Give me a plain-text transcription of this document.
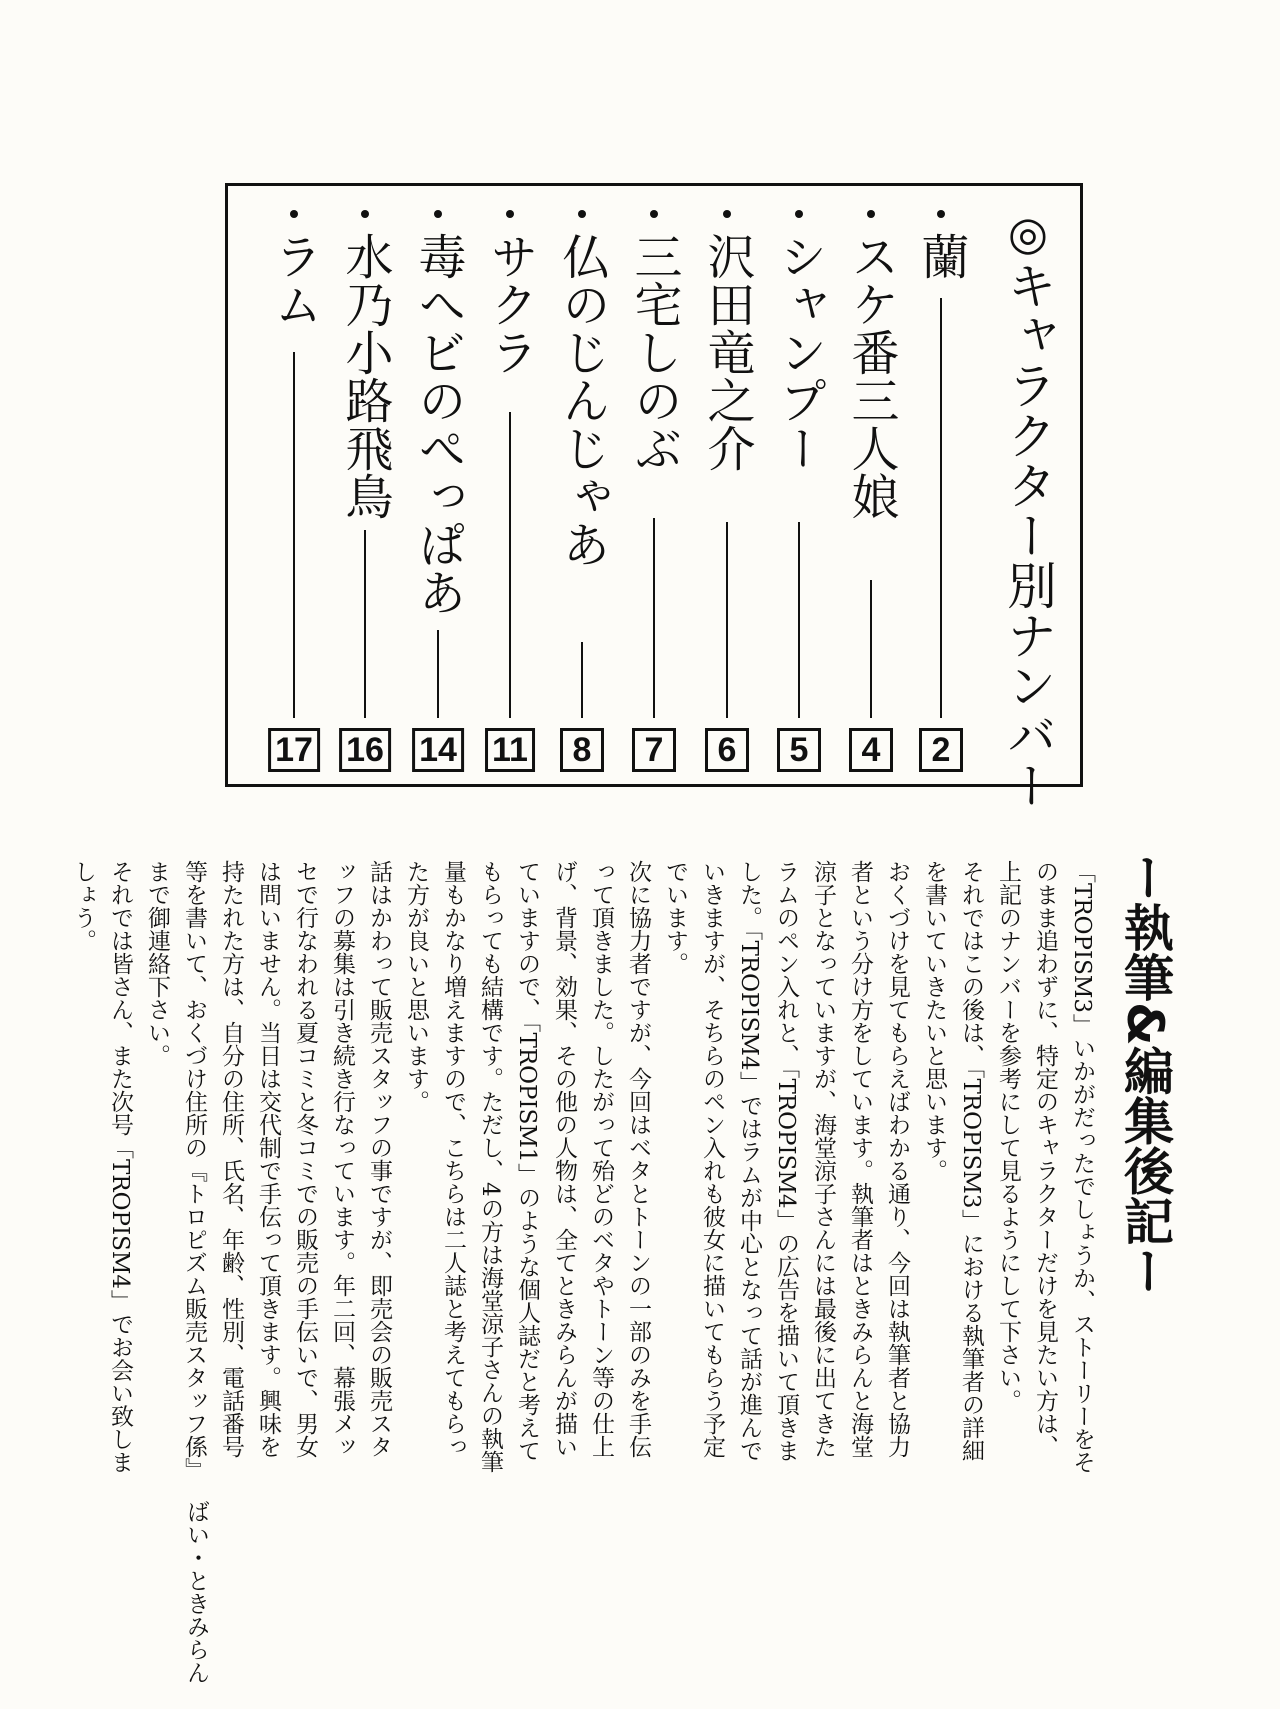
◎キャラクター別ナンバー
蘭
2
スケ番三人娘
4
シャンプー
5
沢田竜之介
6
三宅しのぶ
7
仏のじんじゃあ
8
サクラ
11
毒へビのぺっぱあ
14
水乃小路飛鳥
16
ラム
17
ー執筆&編集後記ー

「TROPISM3」いかがだったでしょうか、ストーリーをそのまま追わずに、特定のキャラクターだけを見たい方は、上記のナンバーを参考にして見るようにして下さい。

それではこの後は、「TROPISM3」における執筆者の詳細を書いていきたいと思います。

おくづけを見てもらえばわかる通り、今回は執筆者と協力者という分け方をしています。執筆者はときみらんと海堂涼子となっていますが、海堂涼子さんには最後に出てきたラムのペン入れと、「TROPISM4」の広告を描いて頂きました。「TROPISM4」ではラムが中心となって話が進んでいきますが、そちらのペン入れも彼女に描いてもらう予定でいます。

次に協力者ですが、今回はベタとトーンの一部のみを手伝って頂きました。したがって殆どのベタやトーン等の仕上げ、背景、効果、その他の人物は、全てときみらんが描いていますので、「TROPISM1」のような個人誌だと考えてもらっても結構です。ただし、4の方は海堂涼子さんの執筆量もかなり増えますので、こちらは二人誌と考えてもらった方が良いと思います。

話はかわって販売スタッフの事ですが、即売会の販売スタッフの募集は引き続き行なっています。年二回、幕張メッセで行なわれる夏コミと冬コミでの販売の手伝いで、男女は問いません。当日は交代制で手伝って頂きます。興味を持たれた方は、自分の住所、氏名、年齢、性別、電話番号等を書いて、おくづけ住所の『トロピズム販売スタッフ係』まで御連絡下さい。

それでは皆さん、また次号「TROPISM4」でお会い致しましょう。

ばい・ときみらん
